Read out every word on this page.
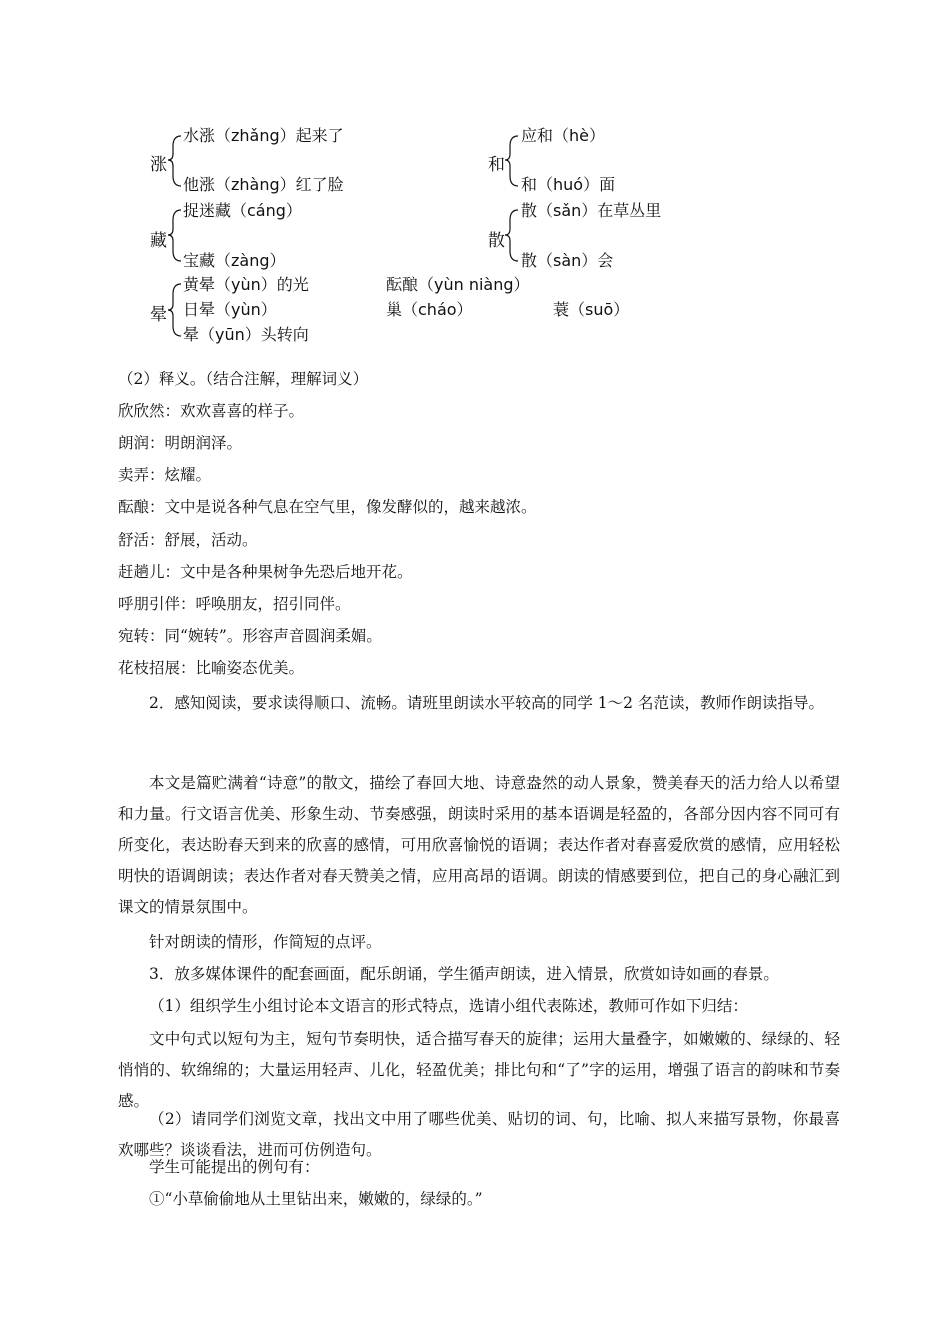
涨
水涨（zhǎng）起来了
他涨（zhàng）红了脸
和
应和（hè）
和（huó）面
藏
捉迷藏（cáng）
宝藏（zàng）
散
散（sǎn）在草丛里
散（sàn）会
晕
黄晕（yùn）的光
日晕（yùn）
晕（yūn）头转向
酝酿（yùn niàng）
巢（cháo）	蓑（suō）
（2）释义。（结合注解，理解词义）
欣欣然：欢欢喜喜的样子。
朗润：明朗润泽。
卖弄：炫耀。
酝酿：文中是说各种气息在空气里，像发酵似的，越来越浓。
舒活：舒展，活动。
赶趟儿：文中是各种果树争先恐后地开花。
呼朋引伴：呼唤朋友，招引同伴。
宛转：同“婉转”。形容声音圆润柔媚。
花枝招展：比喻姿态优美。
2．感知阅读，要求读得顺口、流畅。请班里朗读水平较高的同学 1～2 名范读，教师作朗读指导。
本文是篇贮满着“诗意”的散文，描绘了春回大地、诗意盎然的动人景象，赞美春天的活力给人以希望和力量。行文语言优美、形象生动、节奏感强，朗读时采用的基本语调是轻盈的，各部分因内容不同可有所变化，表达盼春天到来的欣喜的感情，可用欣喜愉悦的语调；表达作者对春喜爱欣赏的感情，应用轻松明快的语调朗读；表达作者对春天赞美之情，应用高昂的语调。朗读的情感要到位，把自己的身心融汇到课文的情景氛围中。
针对朗读的情形，作简短的点评。
3．放多媒体课件的配套画面，配乐朗诵，学生循声朗读，进入情景，欣赏如诗如画的春景。
（1）组织学生小组讨论本文语言的形式特点，选请小组代表陈述，教师可作如下归结：
文中句式以短句为主，短句节奏明快，适合描写春天的旋律；运用大量叠字，如嫩嫩的、绿绿的、轻悄悄的、软绵绵的；大量运用轻声、儿化，轻盈优美；排比句和“了”字的运用，增强了语言的韵味和节奏感。
（2）请同学们浏览文章，找出文中用了哪些优美、贴切的词、句，比喻、拟人来描写景物，你最喜欢哪些？谈谈看法，进而可仿例造句。
学生可能提出的例句有：
①“小草偷偷地从土里钻出来，嫩嫩的，绿绿的。”
